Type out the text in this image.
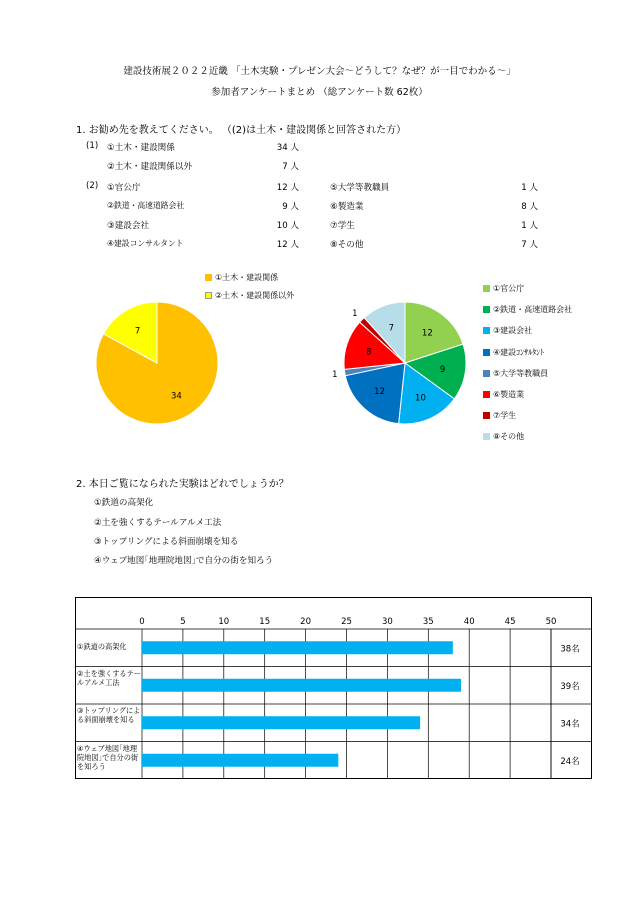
建設技術展２０２２近畿 「土木実験・プレゼン大会～どうして？なぜ？が一目でわかる～」
参加者アンケートまとめ （総アンケート数 62枚）
1. お勧め先を教えてください。 （(2)は土木・建設関係と回答された方）
(1) ①土木・建設関係	34 人
②土木・建設関係以外	7 人
(2) ①官公庁	12 人
②鉄道・高速道路会社	9 人
③建設会社	10 人
④建設コンサルタント	12 人
⑤大学等教職員	1 人
⑥製造業	8 人
⑦学生	1 人
⑧その他	7 人
①土木・建設関係
②土木・建設関係以外
34
7	12
9
10
12
1
8
1
7
①官公庁
②鉄道・高速道路会社
③建設会社
④建設ｺﾝｻﾙﾀﾝﾄ
⑤大学等教職員
⑥製造業
⑦学生
⑧その他
2. 本日ご覧になられた実験はどれでしょうか？
①鉄道の高架化
②土を強くするテールアルメ工法
③トップリングによる斜面崩壊を知る
④ウェブ地図｢地理院地図｣で自分の街を知ろう
0	5	10	15	20	25	30	35	40	45	50
38名
39名
34名
24名
①鉄道の高架化
②土を強くするテールアルメ工法
③トップリングによる斜面崩壊を知る
④ウェブ地図｢地理院地図｣で自分の街を知ろう
